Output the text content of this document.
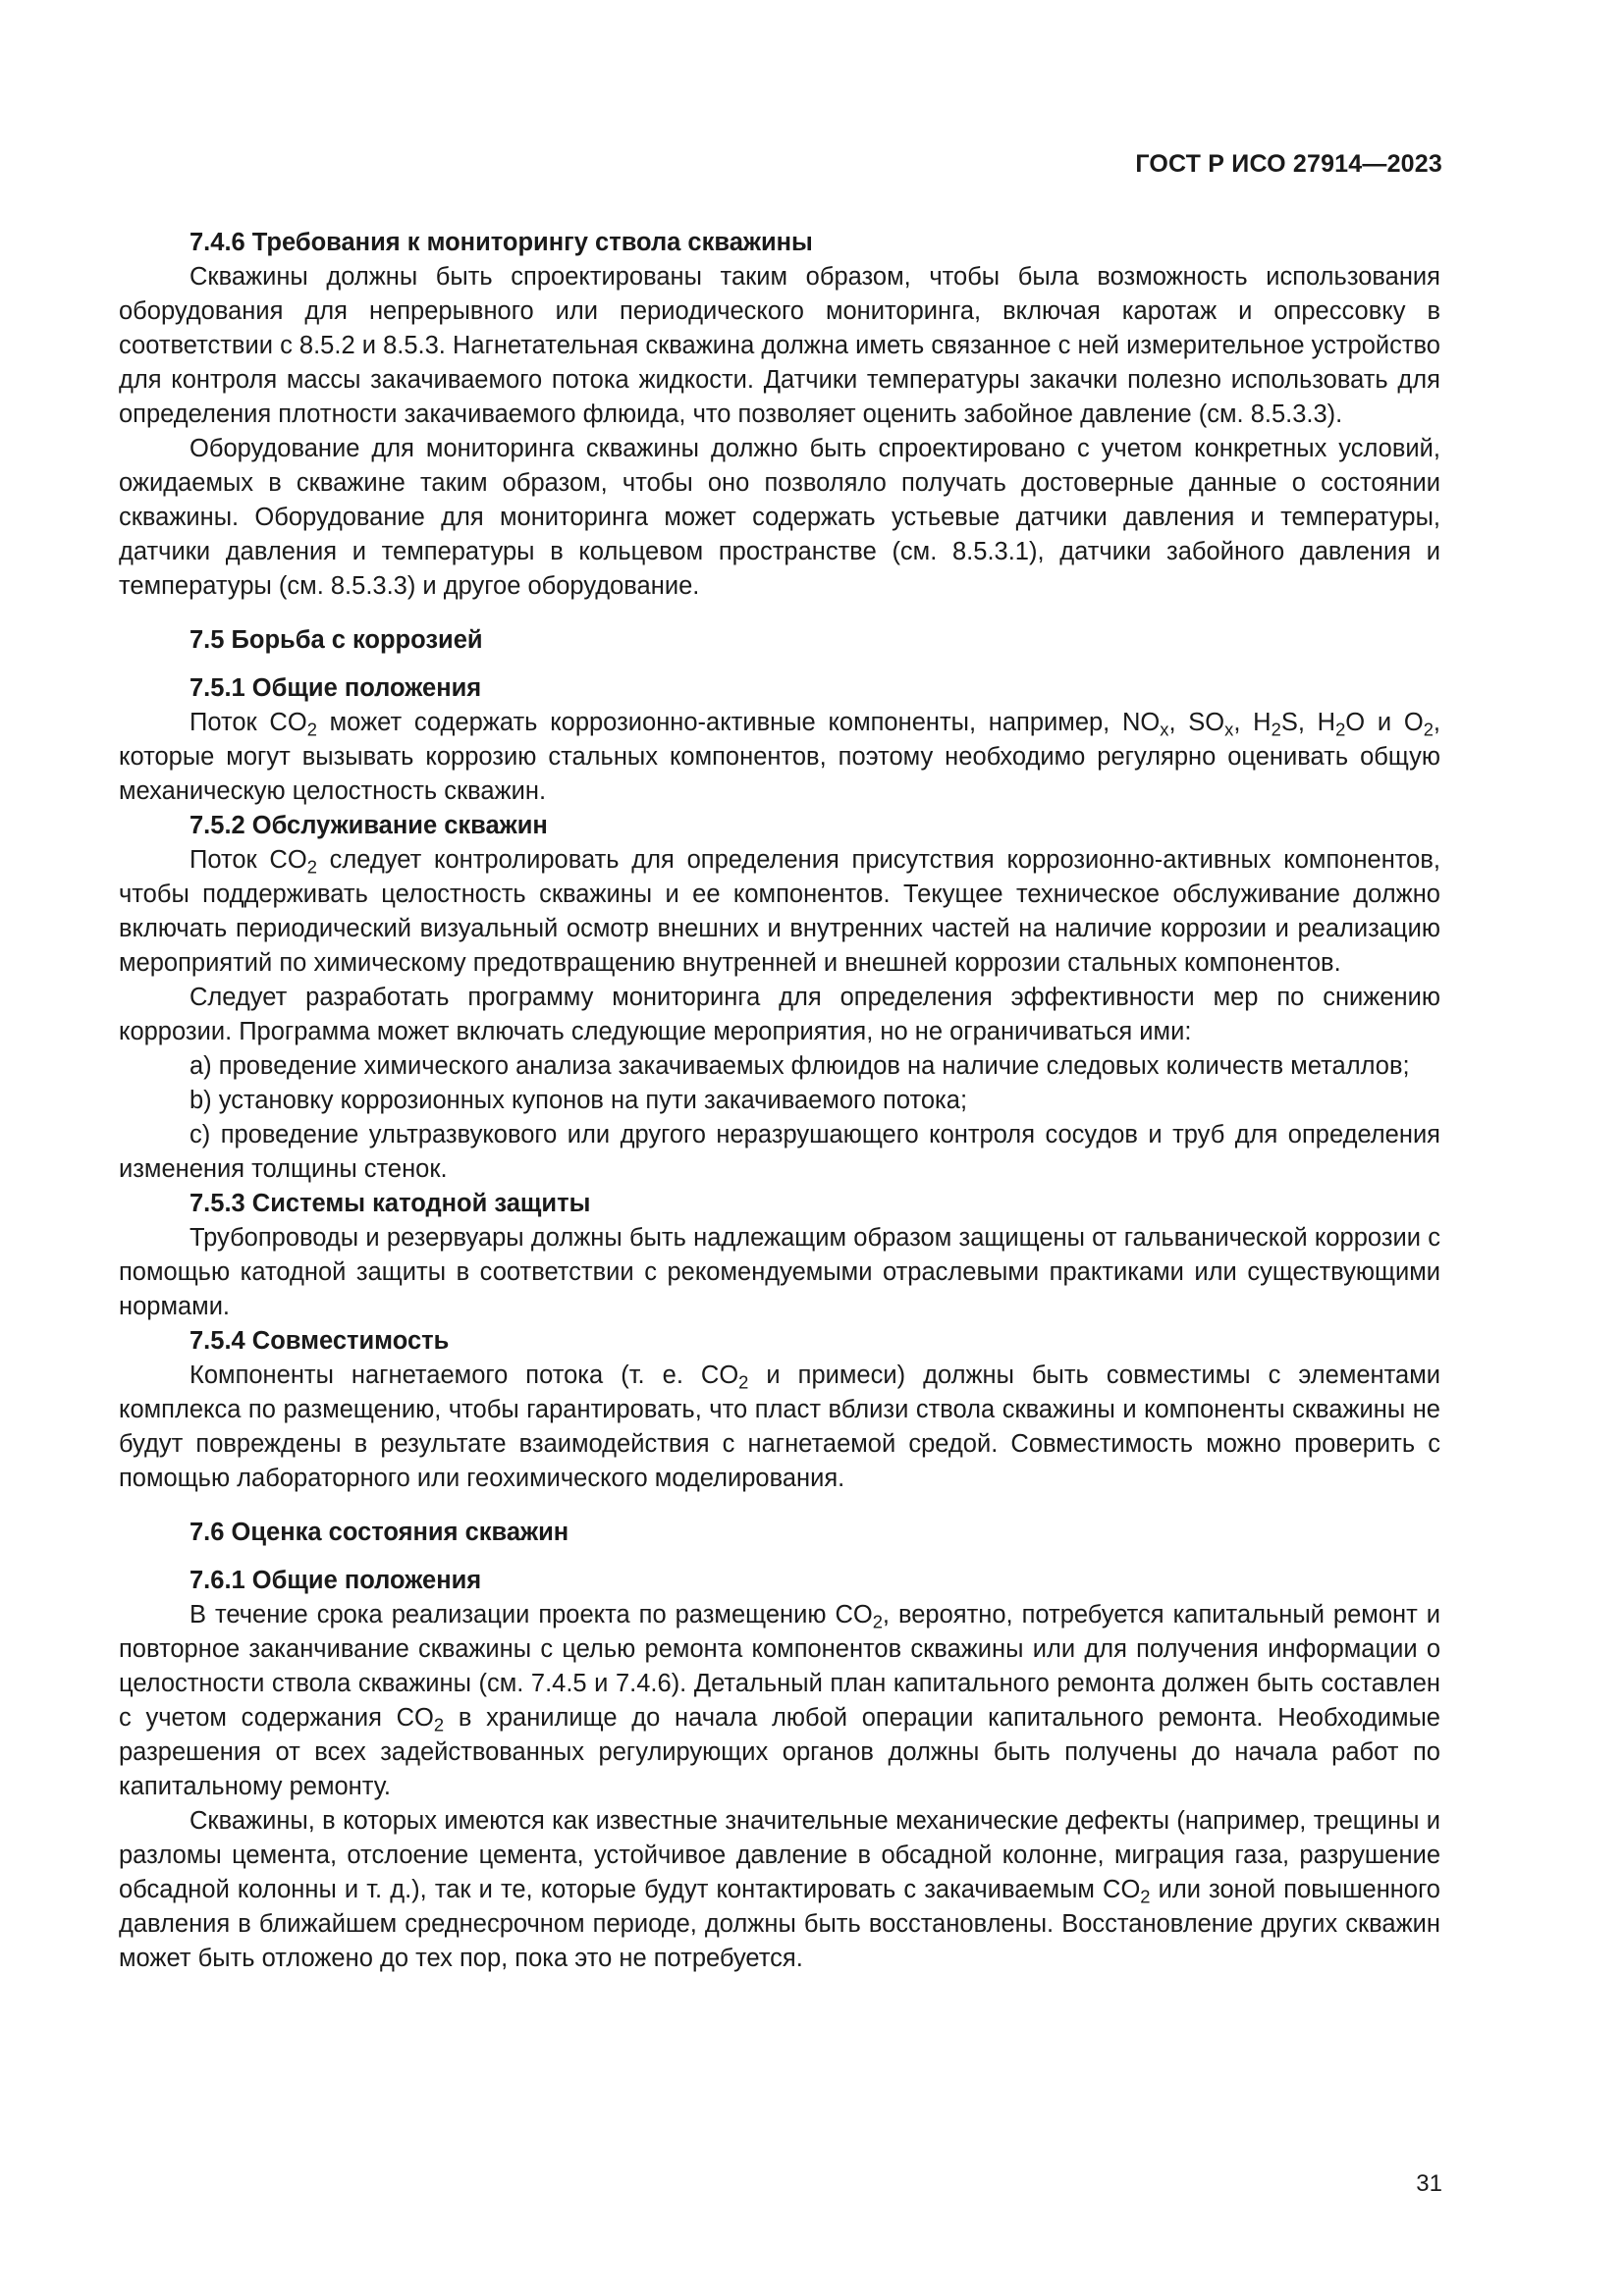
ГОСТ Р ИСО 27914—2023
7.4.6 Требования к мониторингу ствола скважины

Скважины должны быть спроектированы таким образом, чтобы была возможность использования оборудования для непрерывного или периодического мониторинга, включая каротаж и опрессовку в соответствии с 8.5.2 и 8.5.3. Нагнетательная скважина должна иметь связанное с ней измерительное устройство для контроля массы закачиваемого потока жидкости. Датчики температуры закачки полезно использовать для определения плотности закачиваемого флюида, что позволяет оценить забойное давление (см. 8.5.3.3).

Оборудование для мониторинга скважины должно быть спроектировано с учетом конкретных условий, ожидаемых в скважине таким образом, чтобы оно позволяло получать достоверные данные о состоянии скважины. Оборудование для мониторинга может содержать устьевые датчики давления и температуры, датчики давления и температуры в кольцевом пространстве (см. 8.5.3.1), датчики забойного давления и температуры (см. 8.5.3.3) и другое оборудование.

7.5 Борьба с коррозией
7.5.1 Общие положения

Поток $CO_2$ может содержать коррозионно-активные компоненты, например, $NO_x$, $SO_x$, $H_2S$, $H_2O$ и $O_2$, которые могут вызывать коррозию стальных компонентов, поэтому необходимо регулярно оценивать общую механическую целостность скважин.

7.5.2 Обслуживание скважин

Поток $CO_2$ следует контролировать для определения присутствия коррозионно-активных компонентов, чтобы поддерживать целостность скважины и ее компонентов. Текущее техническое обслуживание должно включать периодический визуальный осмотр внешних и внутренних частей на наличие коррозии и реализацию мероприятий по химическому предотвращению внутренней и внешней коррозии стальных компонентов.

Следует разработать программу мониторинга для определения эффективности мер по снижению коррозии. Программа может включать следующие мероприятия, но не ограничиваться ими:

a) проведение химического анализа закачиваемых флюидов на наличие следовых количеств металлов;

b) установку коррозионных купонов на пути закачиваемого потока;

c) проведение ультразвукового или другого неразрушающего контроля сосудов и труб для определения изменения толщины стенок.

7.5.3 Системы катодной защиты

Трубопроводы и резервуары должны быть надлежащим образом защищены от гальванической коррозии с помощью катодной защиты в соответствии с рекомендуемыми отраслевыми практиками или существующими нормами.

7.5.4 Совместимость

Компоненты нагнетаемого потока (т. е. $CO_2$ и примеси) должны быть совместимы с элементами комплекса по размещению, чтобы гарантировать, что пласт вблизи ствола скважины и компоненты скважины не будут повреждены в результате взаимодействия с нагнетаемой средой. Совместимость можно проверить с помощью лабораторного или геохимического моделирования.

7.6 Оценка состояния скважин
7.6.1 Общие положения

В течение срока реализации проекта по размещению $CO_2$, вероятно, потребуется капитальный ремонт и повторное заканчивание скважины с целью ремонта компонентов скважины или для получения информации о целостности ствола скважины (см. 7.4.5 и 7.4.6). Детальный план капитального ремонта должен быть составлен с учетом содержания $CO_2$ в хранилище до начала любой операции капитального ремонта. Необходимые разрешения от всех задействованных регулирующих органов должны быть получены до начала работ по капитальному ремонту.

Скважины, в которых имеются как известные значительные механические дефекты (например, трещины и разломы цемента, отслоение цемента, устойчивое давление в обсадной колонне, миграция газа, разрушение обсадной колонны и т. д.), так и те, которые будут контактировать с закачиваемым $CO_2$ или зоной повышенного давления в ближайшем среднесрочном периоде, должны быть восстановлены. Восстановление других скважин может быть отложено до тех пор, пока это не потребуется.

31
